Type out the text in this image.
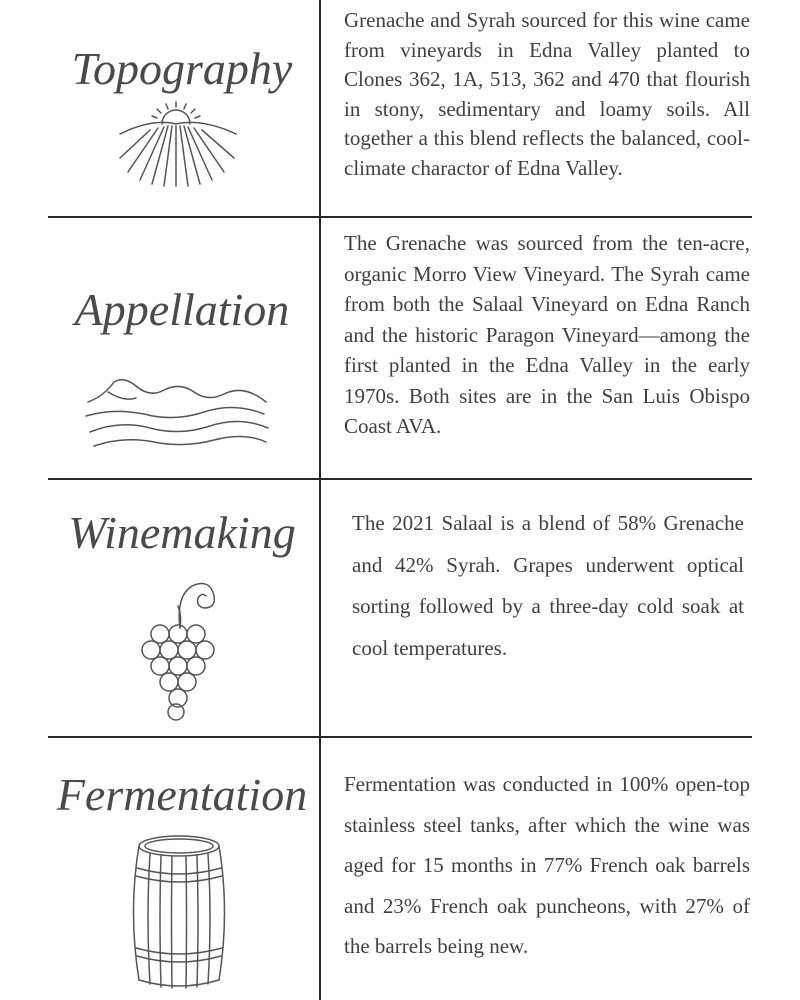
Topography

Grenache and Syrah sourced for this wine came from vineyards in Edna Valley planted to Clones 362, 1A, 513, 362 and 470 that flourish in stony, sedimentary and loamy soils. All together a this blend reflects the balanced, cool-climate charactor of Edna Valley.

Appellation

The Grenache was sourced from the ten-acre, organic Morro View Vineyard. The Syrah came from both the Salaal Vineyard on Edna Ranch and the historic Paragon Vineyard—among the first planted in the Edna Valley in the early 1970s. Both sites are in the San Luis Obispo Coast AVA.

Winemaking	The 2021 Salaal is a blend of 58% Grenache and 42% Syrah. Grapes underwent optical sorting followed by a three-day cold soak at cool temperatures.

Fermentation	Fermentation was conducted in 100% open-top stainless steel tanks, after which the wine was aged for 15 months in 77% French oak barrels and 23% French oak puncheons, with 27% of the barrels being new.
